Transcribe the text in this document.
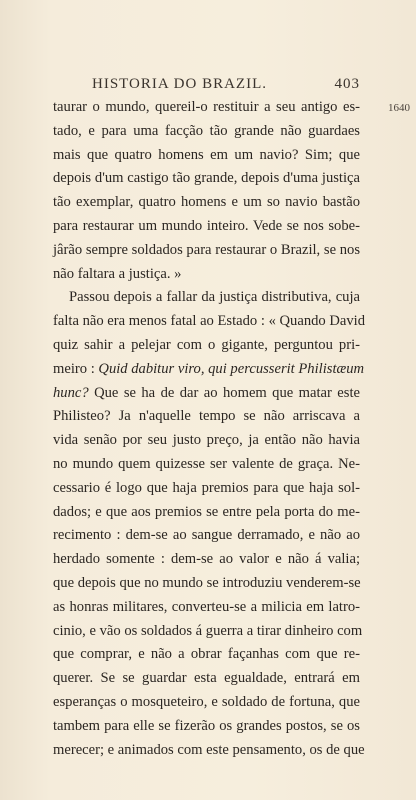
HISTORIA DO BRAZIL.	403
1640
taurar o mundo, quereil-o restituir a seu antigo es-
tado, e para uma facção tão grande não guardaes
mais que quatro homens em um navio? Sim; que
depois d'um castigo tão grande, depois d'uma justiça
tão exemplar, quatro homens e um so navio bastão
para restaurar um mundo inteiro. Vede se nos sobe-
jârão sempre soldados para restaurar o Brazil, se nos
não faltara a justiça. »
Passou depois a fallar da justiça distributiva, cuja
falta não era menos fatal ao Estado : « Quando David
quiz sahir a pelejar com o gigante, perguntou pri-
meiro : Quid dabitur viro, qui percusserit Philistæum
hunc? Que se ha de dar ao homem que matar este
Philisteo? Ja n'aquelle tempo se não arriscava a
vida senão por seu justo preço, ja então não havia
no mundo quem quizesse ser valente de graça. Ne-
cessario é logo que haja premios para que haja sol-
dados; e que aos premios se entre pela porta do me-
recimento : dem-se ao sangue derramado, e não ao
herdado somente : dem-se ao valor e não á valia;
que depois que no mundo se introduziu venderem-se
as honras militares, converteu-se a milicia em latro-
cinio, e vão os soldados á guerra a tirar dinheiro com
que comprar, e não a obrar façanhas com que re-
querer. Se se guardar esta egualdade, entrará em
esperanças o mosqueteiro, e soldado de fortuna, que
tambem para elle se fizerão os grandes postos, se os
merecer; e animados com este pensamento, os de que
